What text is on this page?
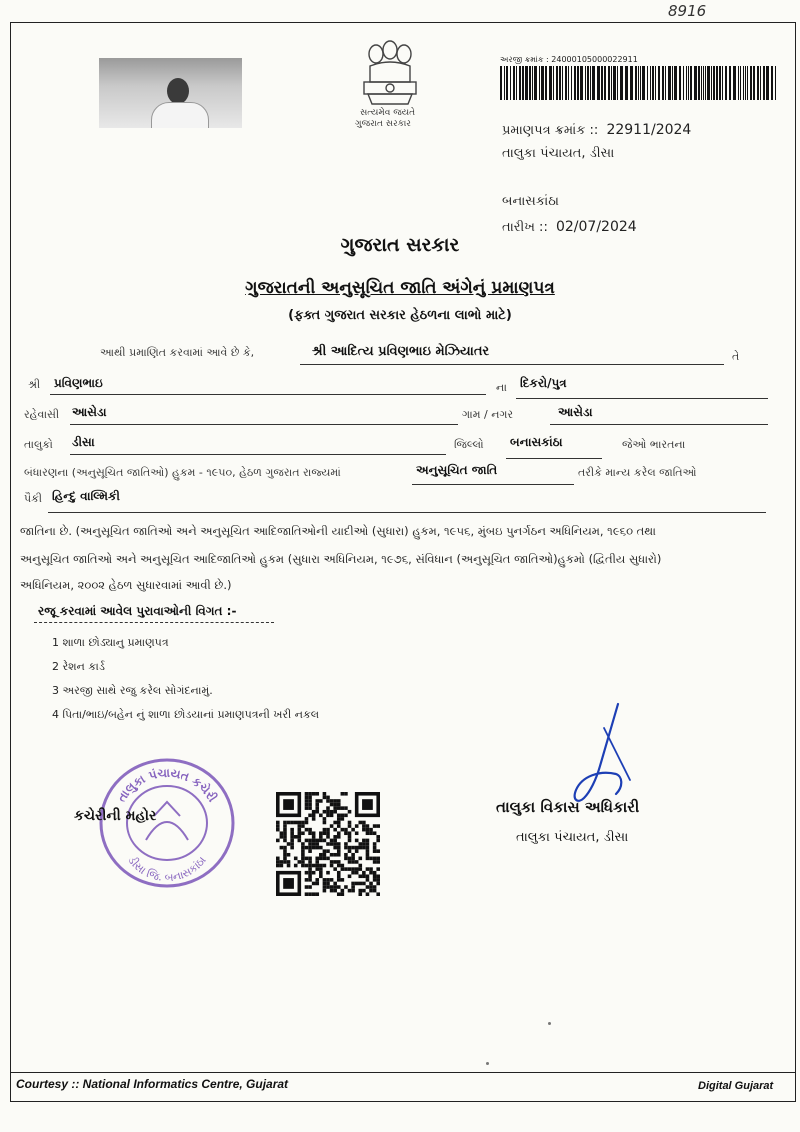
8916
સત્યમેવ જયતે
ગુજરાત સરકાર
અરજી ક્રમાંક : 24000105000022911
પ્રમાણપત્ર ક્રમાંક :: 22911/2024
તાલુકા પંચાયત, ડીસા
બનાસકાંઠા
તારીખ :: 02/07/2024
ગુજરાત સરકાર
ગુજરાતની અનુસૂચિત જાતિ અંગેનું પ્રમાણપત્ર
(ફક્ત ગુજરાત સરકાર હેઠળના લાભો માટે)
આથી પ્રમાણિત કરવામાં આવે છે કે,	શ્રી આદિત્ય પ્રવિણભાઇ મેઝિયાતર	તે
શ્રી પ્રવિણભાઇ	ના દિકરો/પુત્ર
રહેવાસી આસેડા	ગામ / નગર	આસેડા
તાલુકો ડીસા	જિલ્લો બનાસકાંઠા	જેઓ ભારતના
બંધારણના (અનુસૂચિત જાતિઓ) હુકમ - ૧૯૫૦, હેઠળ ગુજરાત રાજ્યમાં	અનુસૂચિત જાતિ	તરીકે માન્ય કરેલ જાતિઓ
પૈકી હિન્દુ વાલ્મિકી
જાતિના છે. (અનુસૂચિત જાતિઓ અને અનુસૂચિત આદિજાતિઓની યાદીઓ (સુધારા) હુકમ, ૧૯૫૬, મુંબઇ પુનર્ગઠન અધિનિયમ, ૧૯૬૦ તથા
અનુસૂચિત જાતિઓ અને અનુસૂચિત આદિજાતિઓ હુકમ (સુધારા અધિનિયમ, ૧૯૭૬, સંવિધાન (અનુસૂચિત જાતિઓ)હુકમો (દ્વિતીય સુધારો)
અધિનિયમ, ૨૦૦૨ હેઠળ સુધારવામાં આવી છે.)
રજૂ કરવામાં આવેલ પુરાવાઓની વિગત :-
1 શાળા છોડ્યાનુ પ્રમાણપત્ર
2 રેશન કાર્ડ
3 અરજી સાથે રજુ કરેલ સોગંદનામું.
4 પિતા/ભાઇ/બહેન નું શાળા છોડયાનાં પ્રમાણપત્રની ખરી નકલ
તાલુકા પંચાયત કચેરી
ડીસા જિ. બનાસકાંઠા
કચેરીની મહોર	તાલુકા વિકાસ અધિકારી
તાલુકા પંચાયત, ડીસા
Courtesy :: National Informatics Centre, Gujarat	Digital Gujarat
